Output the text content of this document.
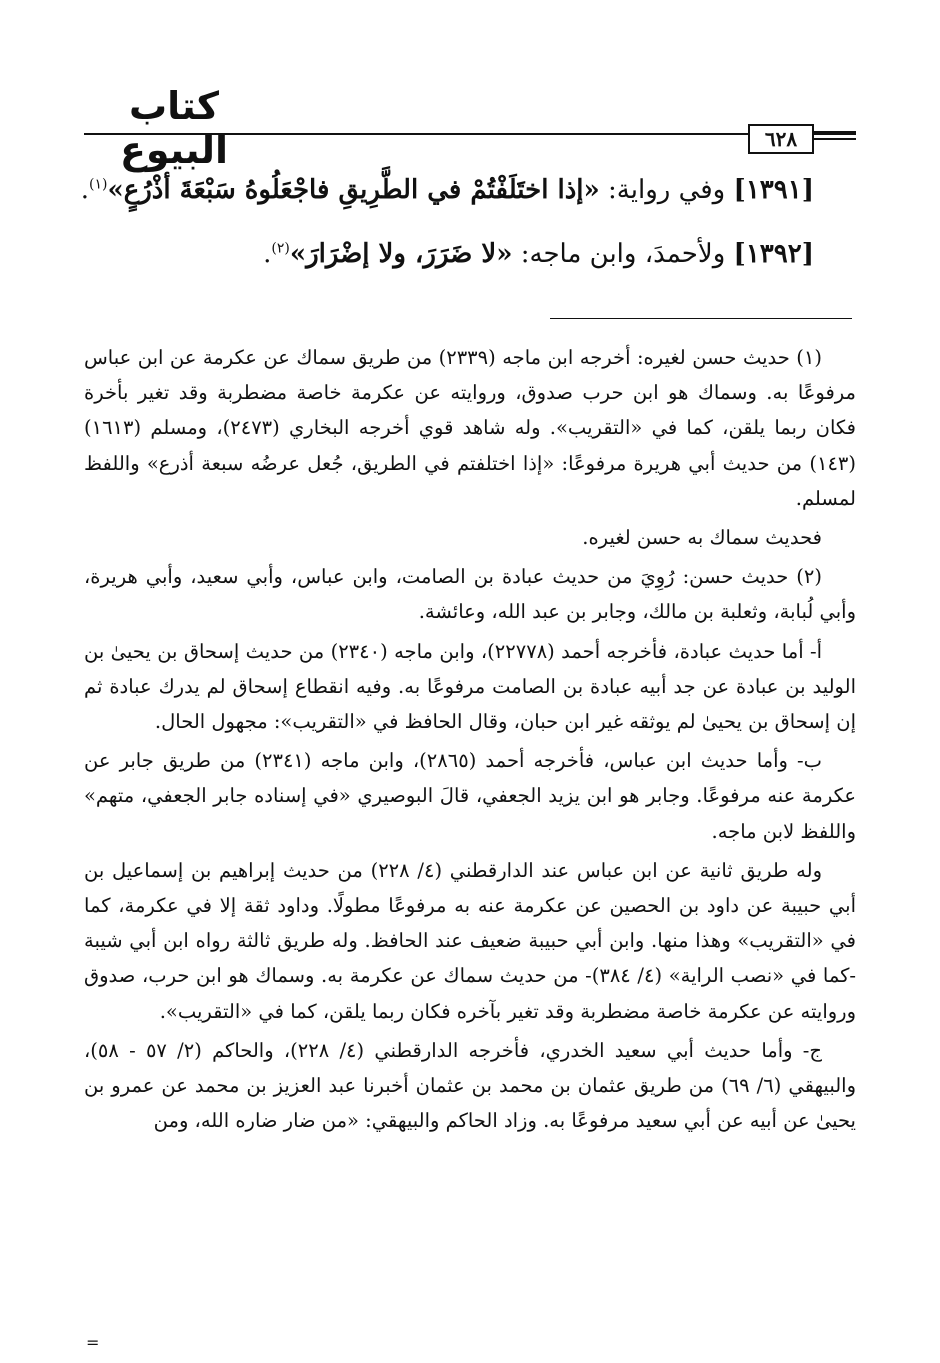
كتاب البيوع	٦٢٨
[١٣٩١] وفي رواية: «إذا اختَلَفْتُمْ في الطَّرِيقِ فاجْعَلُوهُ سَبْعَةَ أذْرُعٍ»$^{(١)}$.
[١٣٩٢] ولأحمدَ، وابن ماجه: «لا ضَرَرَ، ولا إضْرَارَ»$^{(٢)}$.

(١) حديث حسن لغيره: أخرجه ابن ماجه (٢٣٣٩) من طريق سماك عن عكرمة عن ابن عباس مرفوعًا به. وسماك هو ابن حرب صدوق، وروايته عن عكرمة خاصة مضطربة وقد تغير بأخرة فكان ربما يلقن، كما في «التقريب». وله شاهد قوي أخرجه البخاري (٢٤٧٣)، ومسلم (١٦١٣) (١٤٣) من حديث أبي هريرة مرفوعًا: «إذا اختلفتم في الطريق، جُعل عرضُه سبعة أذرع» واللفظ لمسلم.

فحديث سماك به حسن لغيره.

(٢) حديث حسن: رُوِيَ من حديث عبادة بن الصامت، وابن عباس، وأبي سعيد، وأبي هريرة، وأبي لُبابة، وثعلبة بن مالك، وجابر بن عبد الله، وعائشة.

أ- أما حديث عبادة، فأخرجه أحمد (٢٢٧٧٨)، وابن ماجه (٢٣٤٠) من حديث إسحاق بن يحيىٰ بن الوليد بن عبادة عن جد أبيه عبادة بن الصامت مرفوعًا به. وفيه انقطاع إسحاق لم يدرك عبادة ثم إن إسحاق بن يحيىٰ لم يوثقه غير ابن حبان، وقال الحافظ في «التقريب»: مجهول الحال.

ب- وأما حديث ابن عباس، فأخرجه أحمد (٢٨٦٥)، وابن ماجه (٢٣٤١) من طريق جابر عن عكرمة عنه مرفوعًا. وجابر هو ابن يزيد الجعفي، قالَ البوصيري «في إسناده جابر الجعفي، متهم» واللفظ لابن ماجه.

وله طريق ثانية عن ابن عباس عند الدارقطني (٤/ ٢٢٨) من حديث إبراهيم بن إسماعيل بن أبي حبيبة عن داود بن الحصين عن عكرمة عنه به مرفوعًا مطولًا. وداود ثقة إلا في عكرمة، كما في «التقريب» وهذا منها. وابن أبي حبيبة ضعيف عند الحافظ. وله طريق ثالثة رواه ابن أبي شيبة -كما في «نصب الراية» (٤/ ٣٨٤)- من حديث سماك عن عكرمة به. وسماك هو ابن حرب، صدوق وروايته عن عكرمة خاصة مضطربة وقد تغير بآخره فكان ربما يلقن، كما في «التقريب».

ج- وأما حديث أبي سعيد الخدري، فأخرجه الدارقطني (٤/ ٢٢٨)، والحاكم (٢/ ٥٧ - ٥٨)، والبيهقي (٦/ ٦٩) من طريق عثمان بن محمد بن عثمان أخبرنا عبد العزيز بن محمد عن عمرو بن يحيىٰ عن أبيه عن أبي سعيد مرفوعًا به. وزاد الحاكم والبيهقي: «من ضار ضاره الله، ومن

=
